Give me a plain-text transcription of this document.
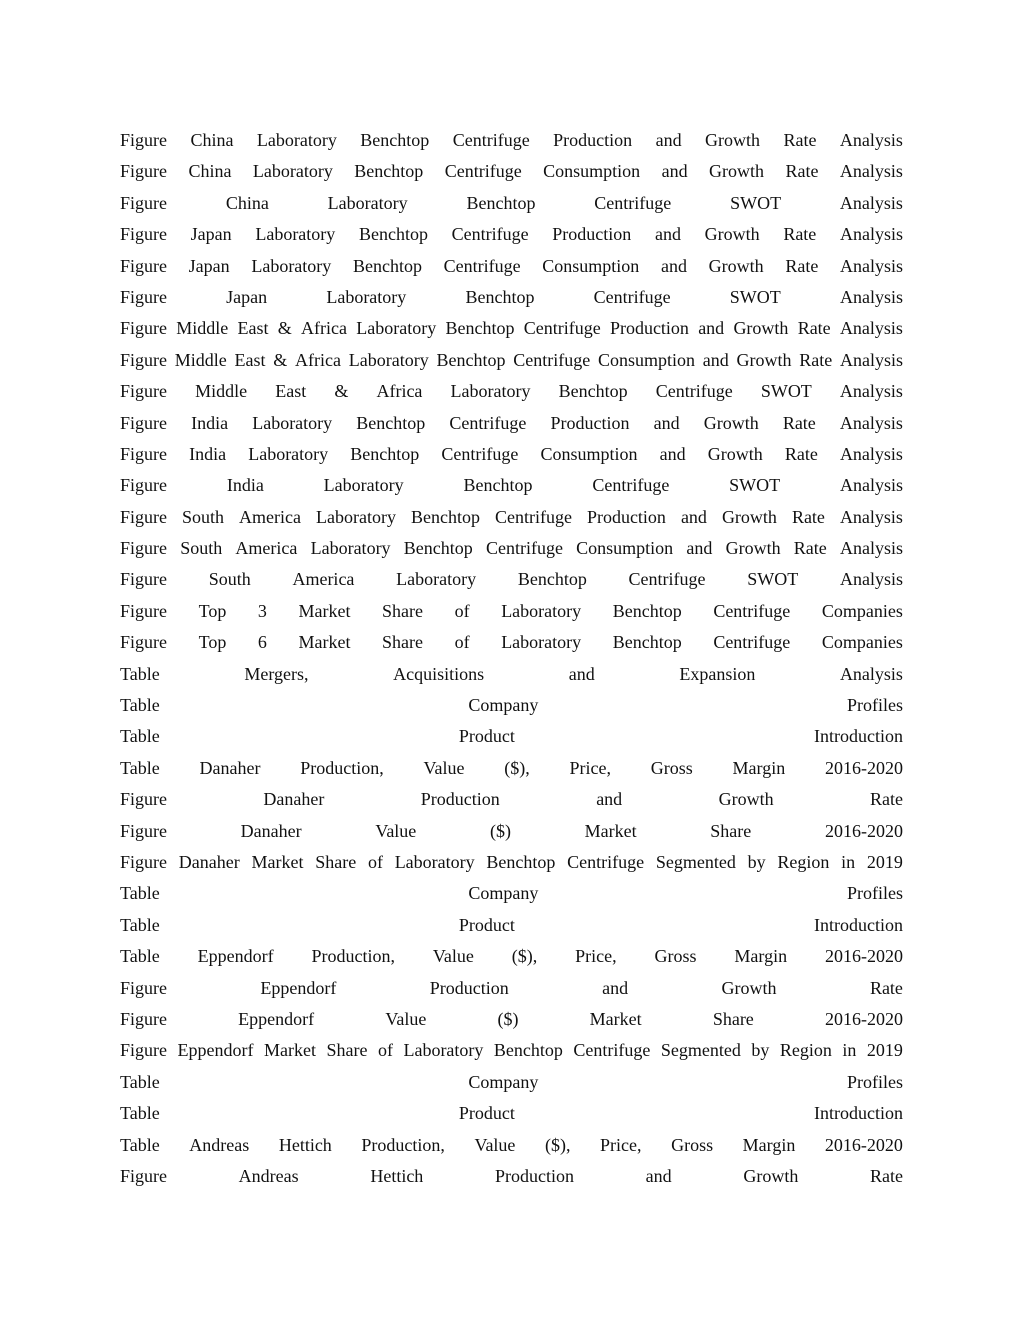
Figure China Laboratory Benchtop Centrifuge Production and Growth Rate Analysis
Figure China Laboratory Benchtop Centrifuge Consumption and Growth Rate Analysis
Figure	China	Laboratory	Benchtop	Centrifuge	SWOT	Analysis
Figure Japan Laboratory Benchtop Centrifuge Production and Growth Rate Analysis
Figure Japan Laboratory Benchtop Centrifuge Consumption and Growth Rate Analysis
Figure	Japan	Laboratory	Benchtop	Centrifuge	SWOT	Analysis
Figure Middle East & Africa Laboratory Benchtop Centrifuge Production and Growth Rate Analysis
Figure Middle East & Africa Laboratory Benchtop Centrifuge Consumption and Growth Rate Analysis
Figure Middle East & Africa Laboratory Benchtop Centrifuge SWOT Analysis
Figure India Laboratory Benchtop Centrifuge Production and Growth Rate Analysis
Figure India Laboratory Benchtop Centrifuge Consumption and Growth Rate Analysis
Figure	India	Laboratory	Benchtop	Centrifuge	SWOT	Analysis
Figure South America Laboratory Benchtop Centrifuge Production and Growth Rate Analysis
Figure South America Laboratory Benchtop Centrifuge Consumption and Growth Rate Analysis
Figure South America Laboratory Benchtop Centrifuge SWOT Analysis
Figure Top 3 Market Share of Laboratory Benchtop Centrifuge Companies
Figure Top 6 Market Share of Laboratory Benchtop Centrifuge Companies
Table	Mergers,	Acquisitions	and	Expansion	Analysis
Table	Company	Profiles
Table	Product	Introduction
Table Danaher Production, Value ($), Price, Gross Margin 2016-2020
Figure	Danaher	Production	and	Growth	Rate
Figure	Danaher	Value	($)	Market	Share	2016-2020
Figure Danaher Market Share of Laboratory Benchtop Centrifuge Segmented by Region in 2019
Table	Company	Profiles
Table	Product	Introduction
Table Eppendorf Production, Value ($), Price, Gross Margin 2016-2020
Figure	Eppendorf	Production	and	Growth	Rate
Figure	Eppendorf	Value	($)	Market	Share	2016-2020
Figure Eppendorf Market Share of Laboratory Benchtop Centrifuge Segmented by Region in 2019
Table	Company	Profiles
Table	Product	Introduction
Table Andreas Hettich Production, Value ($), Price, Gross Margin 2016-2020
Figure	Andreas	Hettich	Production	and	Growth	Rate
